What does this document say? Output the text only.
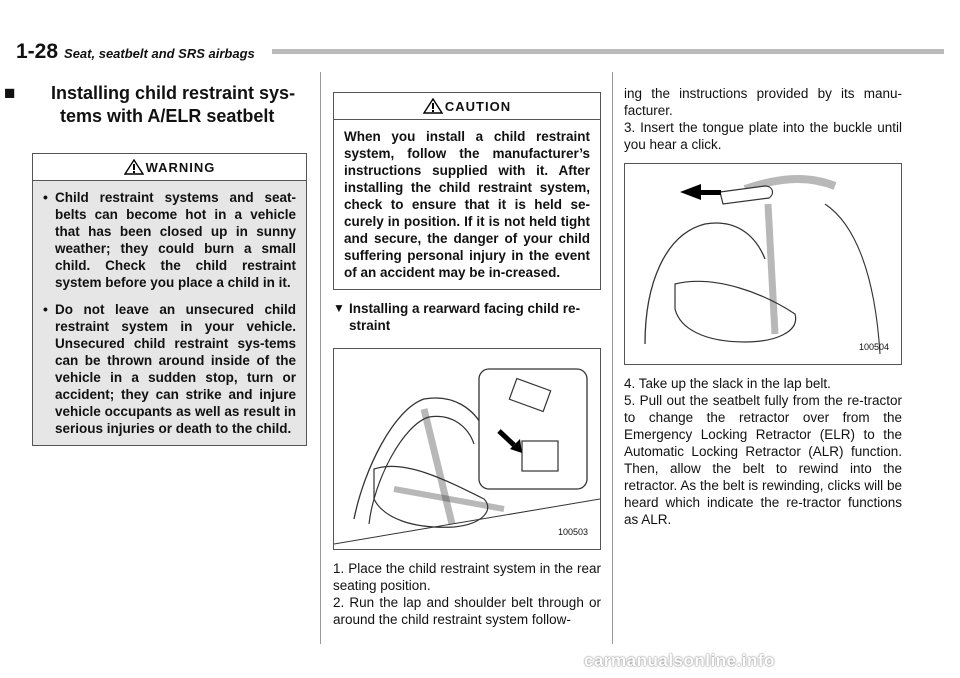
1-28 Seat, seatbelt and SRS airbags
■ Installing child restraint sys-tems with A/ELR seatbelt
WARNING
• Child restraint systems and seat-belts can become hot in a vehicle that has been closed up in sunny weather; they could burn a small child. Check the child restraint system before you place a child in it.
• Do not leave an unsecured child restraint system in your vehicle. Unsecured child restraint sys-tems can be thrown around inside of the vehicle in a sudden stop, turn or accident; they can strike and injure vehicle occupants as well as result in serious injuries or death to the child.
CAUTION
When you install a child restraint system, follow the manufacturer’s instructions supplied with it. After installing the child restraint system, check to ensure that it is held se-curely in position. If it is not held tight and secure, the danger of your child suffering personal injury in the event of an accident may be in-creased.
▼ Installing a rearward facing child re-straint
100503

1. Place the child restraint system in the rear seating position.

2. Run the lap and shoulder belt through or around the child restraint system follow-

ing the instructions provided by its manu-facturer.

3. Insert the tongue plate into the buckle until you hear a click.

100504

4. Take up the slack in the lap belt.

5. Pull out the seatbelt fully from the re-tractor to change the retractor over from the Emergency Locking Retractor (ELR) to the Automatic Locking Retractor (ALR) function. Then, allow the belt to rewind into the retractor. As the belt is rewinding, clicks will be heard which indicate the re-tractor functions as ALR.

carmanualsonline.info
